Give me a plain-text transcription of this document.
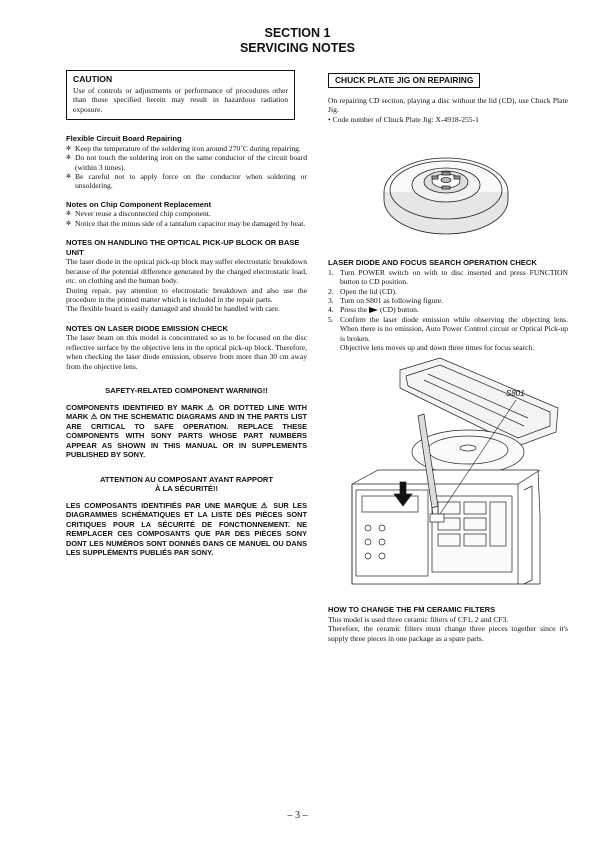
SECTION 1
SERVICING NOTES

CAUTION

Use of controls or adjustments or performance of procedures other than those specified herein may result in hazardous radiation exposure.

Flexible Circuit Board Repairing

✼ Keep the temperature of the soldering iron around 270˚C during repairing.
✼ Do not touch the soldering iron on the same conductor of the circuit board (within 3 times).
✼ Be careful not to apply force on the conductor when soldering or unsoldering.

Notes on Chip Component Replacement

✼ Never reuse a disconnected chip component.
✼ Notice that the minus side of a tantalum capacitor may be damaged by heat.

NOTES ON HANDLING THE OPTICAL PICK-UP BLOCK OR BASE UNIT

The laser diode in the optical pick-up block may suffer electrostatic breakdown because of the potential difference generated by the charged electrostatic load, etc. on clothing and the human body.

During repair, pay attention to electrostatic breakdown and also use the procedure in the printed matter which is included in the repair parts.

The flexible board is easily damaged and should be handled with care.

NOTES ON LASER DIODE EMISSION CHECK

The laser beam on this model is concentrated so as to be focused on the disc reflective surface by the objective lens in the optical pick-up block. Therefore, when checking the laser diode emission, observe from more than 30 cm away from the objective lens.

SAFETY-RELATED COMPONENT WARNING!!

COMPONENTS IDENTIFIED BY MARK ⚠ OR DOTTED LINE WITH MARK ⚠ ON THE SCHEMATIC DIAGRAMS AND IN THE PARTS LIST ARE CRITICAL TO SAFE OPERATION. REPLACE THESE COMPONENTS WITH SONY PARTS WHOSE PART NUMBERS APPEAR AS SHOWN IN THIS MANUAL OR IN SUPPLEMENTS PUBLISHED BY SONY.

ATTENTION AU COMPOSANT AYANT RAPPORT

À LA SÉCURITÉ!!

LES COMPOSANTS IDENTIFIÉS PAR UNE MARQUE ⚠ SUR LES DIAGRAMMES SCHÉMATIQUES ET LA LISTE DES PIÈCES SONT CRITIQUES POUR LA SÉCURITÉ DE FONCTIONNEMENT. NE REMPLACER CES COMPOSANTS QUE PAR DES PIÈCES SONY DONT LES NUMÉROS SONT DONNÉS DANS CE MANUEL OU DANS LES SUPPLÉMENTS PUBLIÉS PAR SONY.

CHUCK PLATE JIG ON REPAIRING

On repairing CD section, playing a disc without the lid (CD), use Chuck Plate Jig.

• Code number of Chuck Plate Jig: X-4918-255-1

LASER DIODE AND FOCUS SEARCH OPERATION CHECK

1. Turn POWER switch on with to disc inserted and press FUNCTION button to CD position.
2. Open the lid (CD).
3. Turn on S801 as following figure.
4. Press the (CD) button.
5. Confirm the laser diode emission while observing the objecting lens. When there is no emission, Auto Power Control circuit or Optical Pick-up is broken.
Objective lens moves up and down three times for focus search.
S801

HOW TO CHANGE THE FM CERAMIC FILTERS

This model is used three ceramic filters of CF1, 2 and CF3.

Therefore, the ceramic filters must change three pieces together since it's supply three pieces in one package as a spare parts.

– 3 –
